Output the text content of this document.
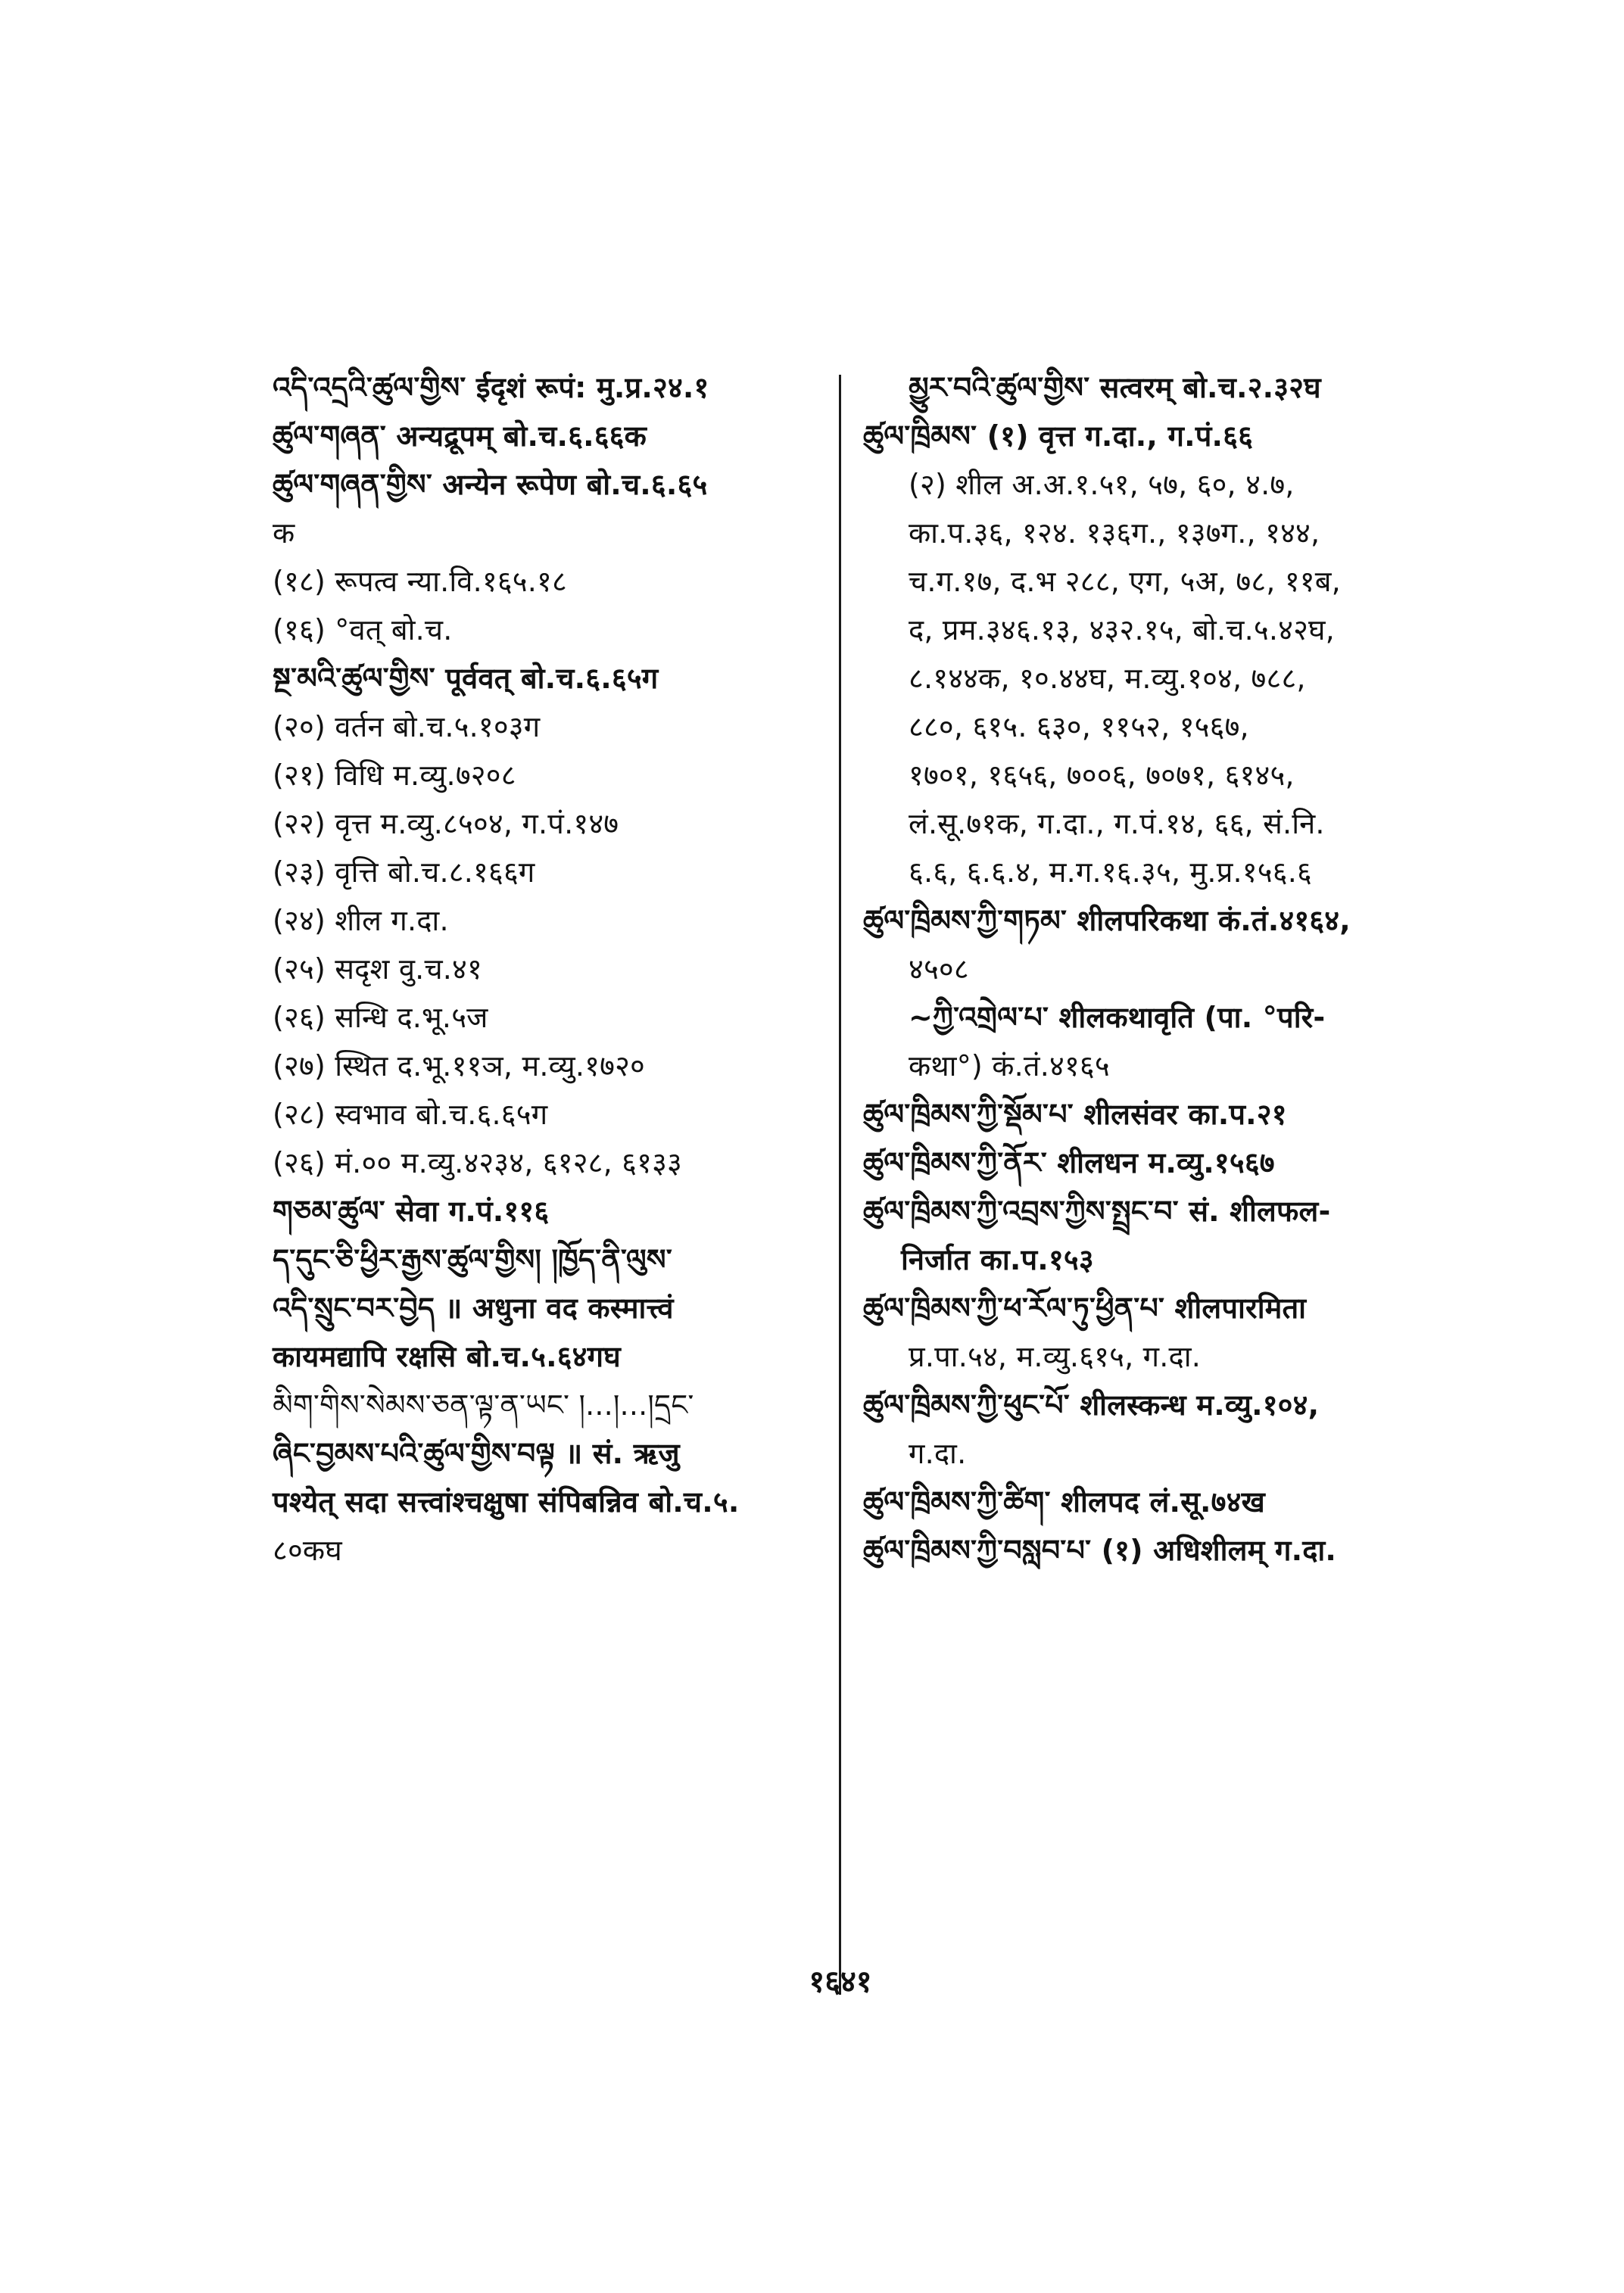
འདི་འདྲའི་ཚུལ་གྱིས་ ईदृशं रूपं: मु.प्र.२४.१
ཚུལ་གཞན་ अन्यद्रूपम् बो.च.६.६६क
ཚུལ་གཞན་གྱིས་ अन्येन रूपेण बो.च.६.६५
क
(१८) रूपत्व न्या.वि.१६५.१८
(१६) °वत् बो.च.
སྔ་མའི་ཚུལ་གྱིས་ पूर्ववत् बो.च.६.६५ग
(२०) वर्तन बो.च.५.१०३ग
(२१) विधि म.व्यु.७२०८
(२२) वृत्त म.व्यु.८५०४, ग.पं.१४७
(२३) वृत्ति बो.च.८.१६६ग
(२४) शील ग.दा.
(२५) सदृश वु.च.४१
(२६) सन्धि द.भू.५ज
(२७) स्थित द.भू.११ञ, म.व्यु.१७२०
(२८) स्वभाव बो.च.६.६५ग
(२६) मं.०० म.व्यु.४२३४, ६१२८, ६१३३
གཅམ་ཚུལ་ सेवा ग.पं.११६
ད་དུང་ཅི་ཕྱིར་རྒྱས་ཚུལ་གྱིས། །ཁྱོད་ནི་ལུས་
འདི་སྲུང་བར་བྱེད ॥ अधुना वद कस्मात्त्वं
कायमद्यापि रक्षसि बो.च.५.६४गघ
མིག་གིས་སེམས་ཅན་ལྟ་ན་ཡང་ །...།...།དྲང་
ཞིང་བྱམས་པའི་ཚུལ་གྱིས་བལྟ ॥ सं. ऋजु
पश्येत् सदा सत्त्वांश्चक्षुषा संपिबन्निव बो.च.५.
८०कघ
མྱུར་བའི་ཚུལ་གྱིས་ सत्वरम् बो.च.२.३२घ
ཚུལ་ཁྲིམས་ (१) वृत्त ग.दा., ग.पं.६६
(२) शील अ.अ.१.५१, ५७, ६०, ४.७,
का.प.३६, १२४. १३६ग., १३७ग., १४४,
च.ग.१७, द.भ २८८, एग, ५अ, ७८, ११ब,
द, प्रम.३४६.१३, ४३२.१५, बो.च.५.४२घ,
८.१४४क, १०.४४घ, म.व्यु.१०४, ७८८,
८८०, ६१५. ६३०, ११५२, १५६७,
१७०१, १६५६, ७००६, ७०७१, ६१४५,
लं.सू.७१क, ग.दा., ग.पं.१४, ६६, सं.नि.
६.६, ६.६.४, म.ग.१६.३५, मु.प्र.१५६.६
ཚུལ་ཁྲིམས་ཀྱི་གཏམ་ शीलपरिकथा कं.तं.४१६४,
४५०८
~ཀྱི་འགྲེལ་པ་ शीलकथावृति (पा. °परि-
कथा°) कं.तं.४१६५
ཚུལ་ཁྲིམས་ཀྱི་སྡོམ་པ་ शीलसंवर का.प.२१
ཚུལ་ཁྲིམས་ཀྱི་ནོར་ शीलधन म.व्यु.१५६७
ཚུལ་ཁྲིམས་ཀྱི་འབྲས་ཀྱིས་སྤྲང་བ་ सं. शीलफल-
निर्जात का.प.१५३
ཚུལ་ཁྲིམས་ཀྱི་ཕ་རོལ་ཏུ་ཕྱིན་པ་ शीलपारमिता
प्र.पा.५४, म.व्यु.६१५, ग.दा.
ཚུལ་ཁྲིམས་ཀྱི་ཕུང་པོ་ शीलस्कन्ध म.व्यु.१०४,
ग.दा.
ཚུལ་ཁྲིམས་ཀྱི་ཚིག་ शीलपद लं.सू.७४ख
ཚུལ་ཁྲིམས་ཀྱི་བསླབ་པ་ (१) अधिशीलम् ग.दा.
१६४१
